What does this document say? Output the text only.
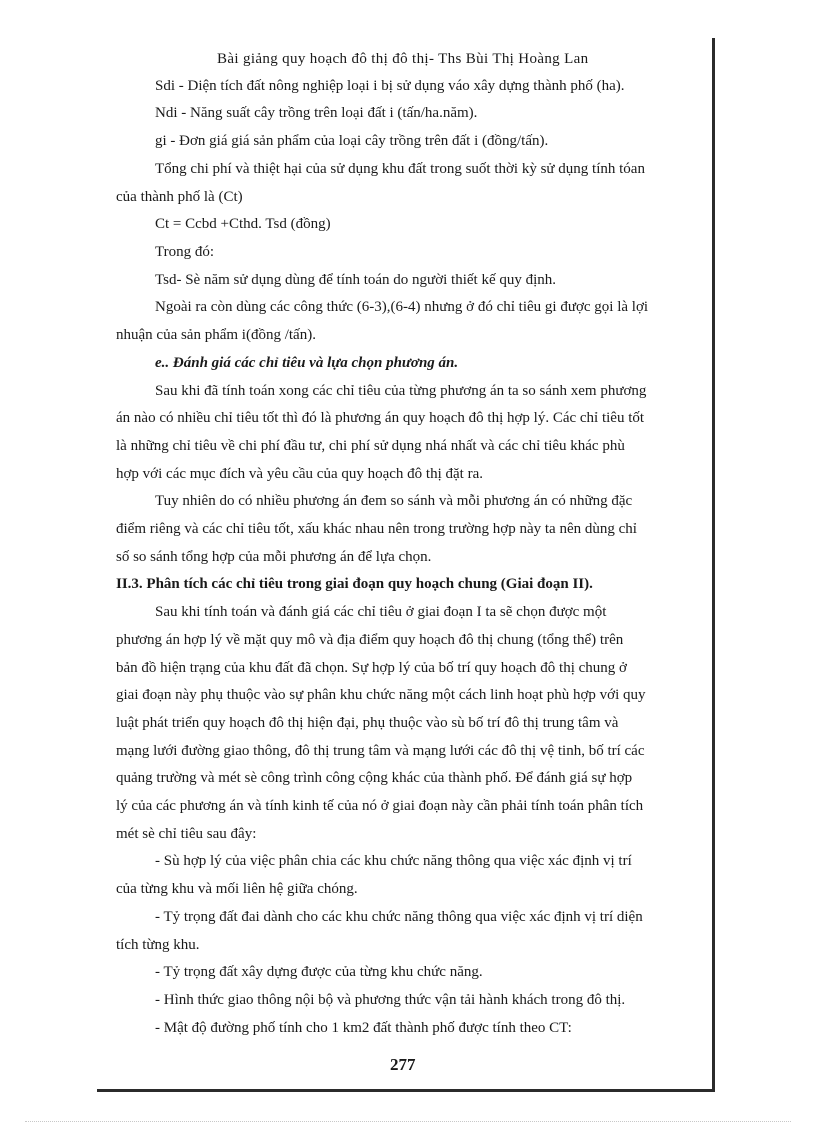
Bài giảng quy hoạch đô thị đô thị- Ths Bùi Thị Hoàng Lan

Sdi - Diện tích đất nông nghiệp loại i bị sử dụng váo xây dựng thành phố (ha).

Ndi - Năng suất cây trồng trên loại đất i (tấn/ha.năm).

gi - Đơn giá giá sản phẩm của loại cây trồng trên đất i (đồng/tấn).

Tổng chi phí và thiệt hại của sử dụng khu đất trong suốt thời kỳ sử dụng tính tóan

của thành phố là (Ct)

Ct = Ccbd +Cthd. Tsd (đồng)

Trong đó:

Tsd- Sè năm sử dụng dùng để tính toán do người thiết kế quy định.

Ngoài ra còn dùng các công thức (6-3),(6-4) nhưng ở đó chỉ tiêu gi được gọi là lợi

nhuận của sản phẩm i(đồng /tấn).

e.. Đánh giá các chỉ tiêu và lựa chọn phương án.

Sau khi đã tính toán xong các chỉ tiêu của từng phương án ta so sánh xem phương

án nào có nhiều chỉ tiêu tốt thì đó là phương án quy hoạch đô thị hợp lý. Các chỉ tiêu tốt

là những chỉ tiêu về chi phí đầu tư, chi phí sử dụng nhá nhất và các chỉ tiêu khác phù

hợp với các mục đích và yêu cầu của quy hoạch đô thị đặt ra.

Tuy nhiên do có nhiều phương án đem so sánh và mỗi phương án có những đặc

điểm riêng và các chỉ tiêu tốt, xấu khác nhau nên trong trường hợp này ta nên dùng chỉ

số so sánh tổng hợp của mỗi phương án để lựa chọn.

II.3. Phân tích các chỉ tiêu trong giai đoạn quy hoạch chung (Giai đoạn II).

Sau khi tính toán và đánh giá các chỉ tiêu ở giai đoạn I ta sẽ chọn được một

phương án hợp lý về mặt quy mô và địa điểm quy hoạch đô thị chung (tổng thể) trên

bản đồ hiện trạng của khu đất đã chọn. Sự hợp lý của bố trí quy hoạch đô thị chung ở

giai đoạn này phụ thuộc vào sự phân khu chức năng một cách linh hoạt phù hợp với quy

luật phát triển quy hoạch đô thị hiện đại, phụ thuộc vào sù bố trí đô thị trung tâm và

mạng lưới đường giao thông, đô thị trung tâm và mạng lưới các đô thị vệ tinh, bố trí các

quảng trường và mét sè công trình công cộng khác của thành phố. Để đánh giá sự hợp

lý của các phương án và tính kinh tế của nó ở giai đoạn này cần phải tính toán phân tích

mét sè chỉ tiêu sau đây:

- Sù hợp lý của việc phân chia các khu chức năng thông qua việc xác định vị trí

của từng khu và mối liên hệ giữa chóng.

- Tỷ trọng đất đai dành cho các khu chức năng thông qua việc xác định vị trí diện

tích từng khu.

- Tỷ trọng đất xây dựng được của từng khu chức năng.

- Hình thức giao thông nội bộ và phương thức vận tải hành khách trong đô thị.

- Mật độ đường phố tính cho 1 km2 đất thành phố được tính theo CT:

277
